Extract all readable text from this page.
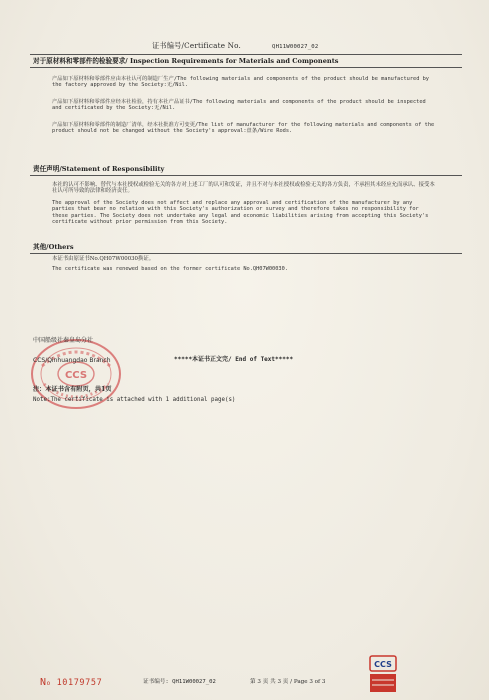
证书编号/Certificate No.	QH11W00027_02
对于原材料和零部件的检验要求/ Inspection Requirements for Materials and Components
产品如下原材料和零部件应由本社认可的制造厂生产/The following materials and components of the product should be manufactured by the factory approved by the Society:无/Nil.
产品如下原材料和零部件应经本社检验，持有本社产品证书/The following materials and components of the product should be inspected and certificated by the Society:无/Nil.
产品如下原材料和零部件的制造厂清单，经本社批准方可变更/The list of manufacturer for the following materials and components of the product should not be changed without the Society's approval:盘条/Wire Rods.
责任声明/Statement of Responsibility
本社的认可不影响、替代与本社授权或检验无关的各方对上述工厂的认可和发证，并且不对与本社授权或检验无关的各方负责，不承担其未经应允而承认、接受本社认可所导致的法律和经济责任。
The approval of the Society does not affect and replace any approval and certification of the manufacturer by any parties that bear no relation with this Society's authorization or survey and therefore takes no responsibility for these parties. The Society does not undertake any legal and economic liabilities arising from accepting this Society's certificate without prior permission from this Society.
其他/Others
本证书由原证书No.QH07W00030换证。
The certificate was renewed based on the former certificate No.QH07W00030.
CCS
中国船级社秦皇岛分社
CCS/Qinhuangdao Branch	*****本证书正文完/ End of Text*****
注：本证书含有附页，共1页
Note:The certificate is attached with 1 additional page(s)
No 10179757	证书编号: QH11W00027_02	第 3 页 共 3 页 / Page 3 of 3
CCS
